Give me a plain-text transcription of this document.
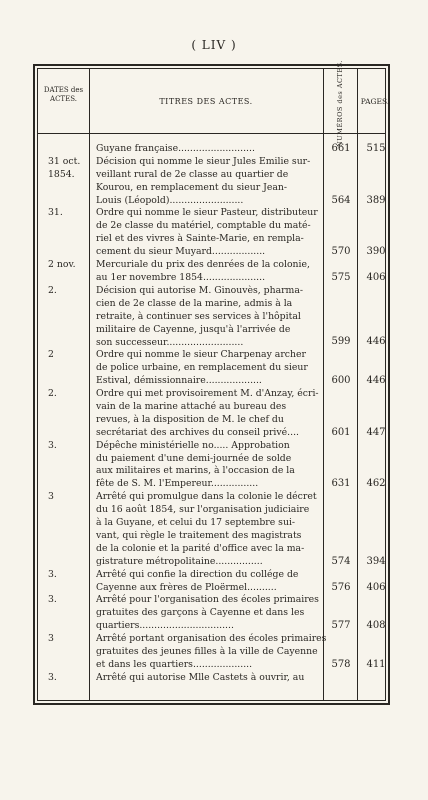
( LIV )
DATES des ACTES.	TITRES DES ACTES.	NUMÉROS des ACTES.	PAGES.
Guyane française..........................	661	515
31 oct. 1854.
Décision qui nomme le sieur Jules Emilie sur-
veillant rural de 2e classe au quartier de
Kourou, en remplacement du sieur Jean-
Louis (Léopold).........................	564	389
31.	Ordre qui nomme le sieur Pasteur, distributeur
de 2e classe du matériel, comptable du maté-
riel et des vivres à Sainte-Marie, en rempla-
cement du sieur Muyard..................	570	390
2 nov.	Mercuriale du prix des denrées de la colonie,
au 1er novembre 1854.....................	575	406
2.	Décision qui autorise M. Ginouvès, pharma-
cien de 2e classe de la marine, admis à la
retraite, à continuer ses services à l'hôpital
militaire de Cayenne, jusqu'à l'arrivée de
son successeur..........................	599	446
2	Ordre qui nomme le sieur Charpenay archer
de police urbaine, en remplacement du sieur
Estival, démissionnaire...................	600	446
2.	Ordre qui met provisoirement M. d'Anzay, écri-
vain de la marine attaché au bureau des
revues, à la disposition de M. le chef du
secrétariat des archives du conseil privé....	601	447
3.	Dépêche ministérielle no..... Approbation
du paiement d'une demi-journée de solde
aux militaires et marins, à l'occasion de la
fête de S. M. l'Empereur................	631	462
3	Arrêté qui promulgue dans la colonie le décret
du 16 août 1854, sur l'organisation judiciaire
à la Guyane, et celui du 17 septembre sui-
vant, qui règle le traitement des magistrats
de la colonie et la parité d'office avec la ma-
gistrature métropolitaine................	574	394
3.	Arrêté qui confie la direction du collége de
Cayenne aux frères de Ploërmel..........	576	406
3.	Arrêté pour l'organisation des écoles primaires
gratuites des garçons à Cayenne et dans les
quartiers................................	577	408
3	Arrêté portant organisation des écoles primaires
gratuites des jeunes filles à la ville de Cayenne
et dans les quartiers....................	578	411
3.	Arrêté qui autorise Mlle Castets à ouvrir, au
